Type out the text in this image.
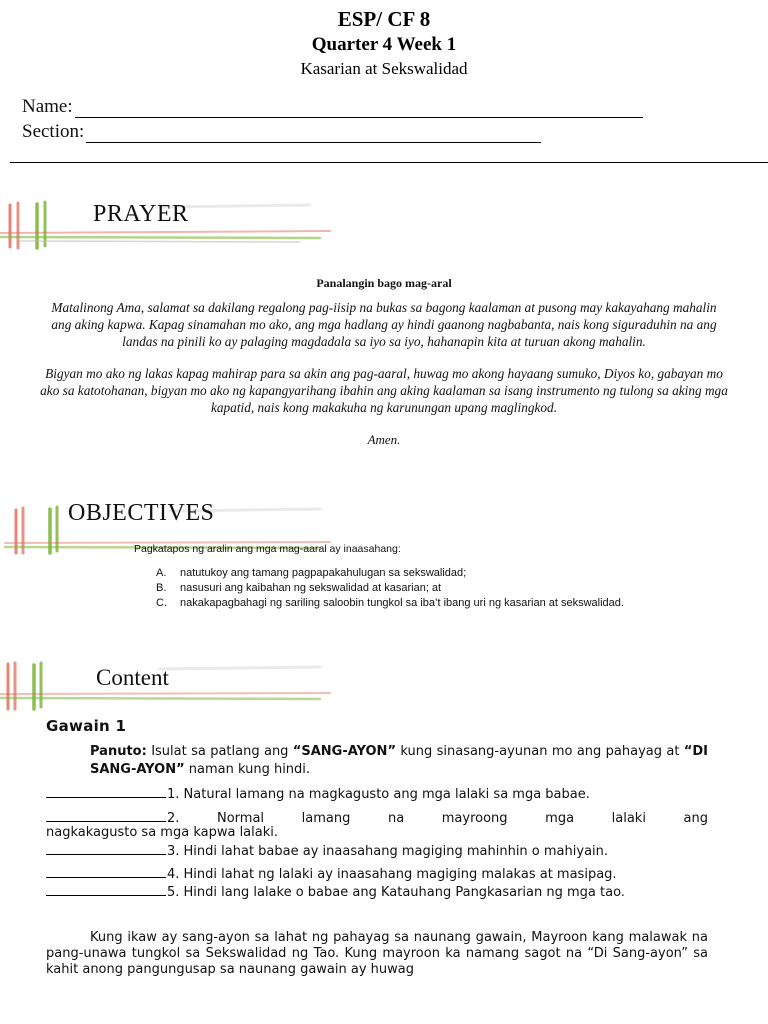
ESP/ CF 8
Quarter 4 Week 1
Kasarian at Sekswalidad
Name:
Section:
PRAYER
Panalangin bago mag-aral
Matalinong Ama, salamat sa dakilang regalong pag-iisip na bukas sa bagong kaalaman at pusong may kakayahang mahalin ang aking kapwa. Kapag sinamahan mo ako, ang mga hadlang ay hindi gaanong nagbabanta, nais kong siguraduhin na ang landas na pinili ko ay palaging magdadala sa iyo sa iyo, hahanapin kita at turuan akong mahalin.
Bigyan mo ako ng lakas kapag mahirap para sa akin ang pag-aaral, huwag mo akong hayaang sumuko, Diyos ko, gabayan mo ako sa katotohanan, bigyan mo ako ng kapangyarihang ibahin ang aking kaalaman sa isang instrumento ng tulong sa aking mga kapatid, nais kong makakuha ng karunungan upang maglingkod.
Amen.
OBJECTIVES
Pagkatapos ng aralin ang mga mag-aaral ay inaasahang:
A.	natutukoy ang tamang pagpapakahulugan sa sekswalidad;
B.	nasusuri ang kaibahan ng sekswalidad at kasarian; at
C.	nakakapagbahagi ng sariling saloobin tungkol sa iba’t ibang uri ng kasarian at sekswalidad.
Content
Gawain 1
Panuto: Isulat sa patlang ang “SANG-AYON” kung sinasang-ayunan mo ang pahayag at “DI SANG-AYON” naman kung hindi.
1. Natural lamang na magkagusto ang mga lalaki sa mga babae.
2. Normal lamang na mayroong mga lalaki ang
nagkakagusto sa mga kapwa lalaki.
3. Hindi lahat babae ay inaasahang magiging mahinhin o mahiyain.
4. Hindi lahat ng lalaki ay inaasahang magiging malakas at masipag.
5. Hindi lang lalake o babae ang Katauhang Pangkasarian ng mga tao.
Kung ikaw ay sang-ayon sa lahat ng pahayag sa naunang gawain, Mayroon kang malawak na pang-unawa tungkol sa Sekswalidad ng Tao. Kung mayroon ka namang sagot na “Di Sang-ayon” sa kahit anong pangungusap sa naunang gawain ay huwag
